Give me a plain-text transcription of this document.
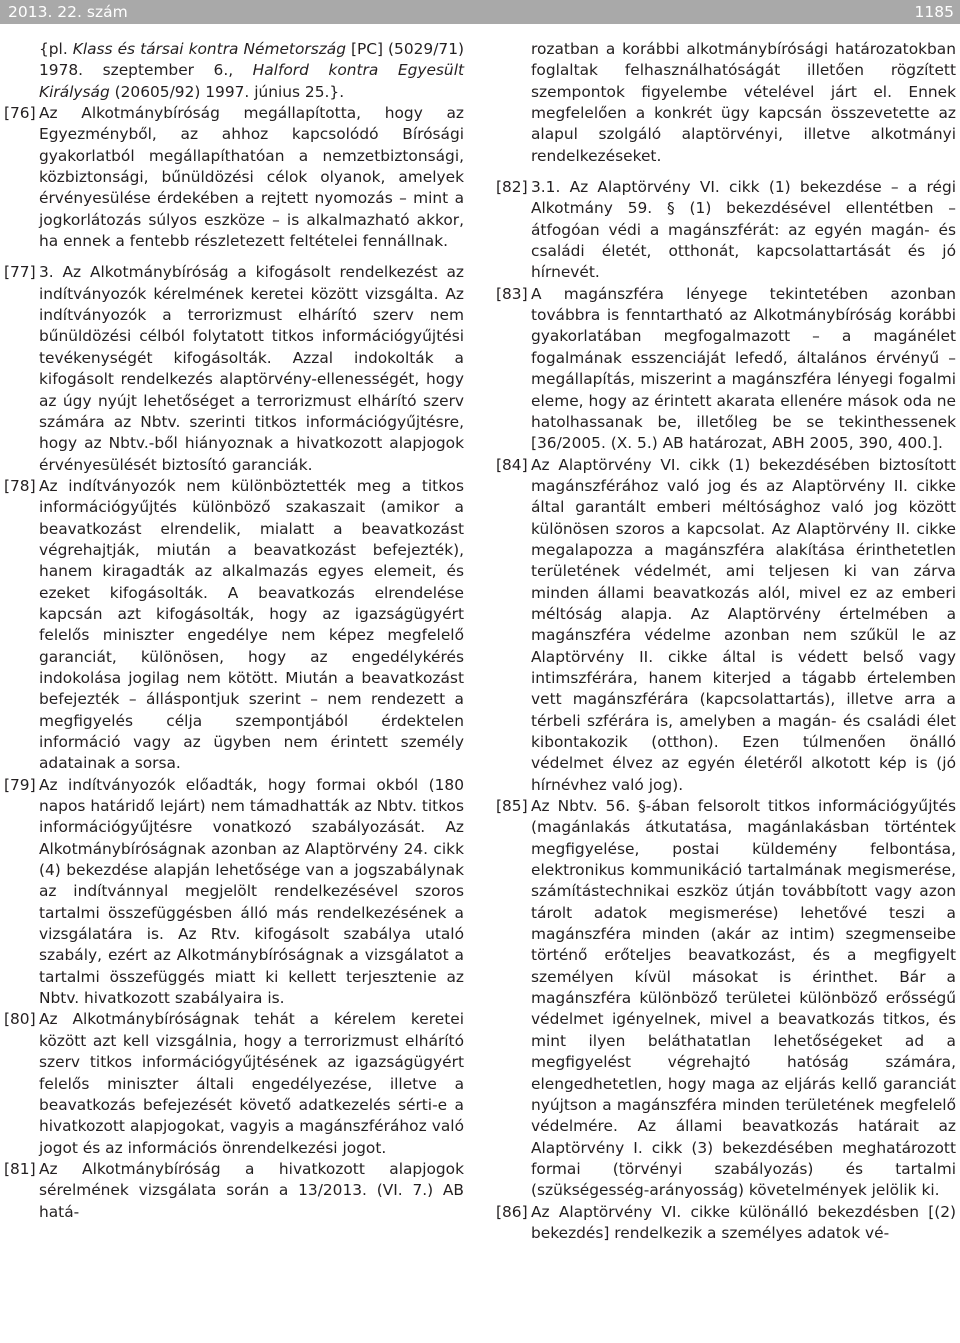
2013. 22. szám	1185

{pl. Klass és társai kontra Németország [PC] (5029/71) 1978. szeptember 6., Halford kontra Egyesült Királyság (20605/92) 1997. június 25.}.

[76] Az Alkotmánybíróság megállapította, hogy az Egyezményből, az ahhoz kapcsolódó Bírósági gyakorlatból megállapíthatóan a nemzetbiztonsági, közbiztonsági, bűnüldözési célok olyanok, amelyek érvényesülése érdekében a rejtett nyomozás – mint a jogkorlátozás súlyos eszköze – is alkalmazható akkor, ha ennek a fentebb részletezett feltételei fennállnak.

[77] 3. Az Alkotmánybíróság a kifogásolt rendelkezést az indítványozók kérelmének keretei között vizsgálta. Az indítványozók a terrorizmust elhárító szerv nem bűnüldözési célból folytatott titkos információgyűjtési tevékenységét kifogásolták. Azzal indokolták a kifogásolt rendelkezés alaptörvény-ellenességét, hogy az úgy nyújt lehetőséget a terrorizmust elhárító szerv számára az Nbtv. szerinti titkos információgyűjtésre, hogy az Nbtv.-ből hiányoznak a hivatkozott alapjogok érvényesülését biztosító garanciák.

[78] Az indítványozók nem különböztették meg a titkos információgyűjtés különböző szakaszait (amikor a beavatkozást elrendelik, mialatt a beavatkozást végrehajtják, miután a beavatkozást befejezték), hanem kiragadták az alkalmazás egyes elemeit, és ezeket kifogásolták. A beavatkozás elrendelése kapcsán azt kifogásolták, hogy az igazságügyért felelős miniszter engedélye nem képez megfelelő garanciát, különösen, hogy az engedélykérés indokolása jogilag nem kötött. Miután a beavatkozást befejezték – álláspontjuk szerint – nem rendezett a megfigyelés célja szempontjából érdektelen információ vagy az ügyben nem érintett személy adatainak a sorsa.

[79] Az indítványozók előadták, hogy formai okból (180 napos határidő lejárt) nem támadhatták az Nbtv. titkos információgyűjtésre vonatkozó szabályozását. Az Alkotmánybíróságnak azonban az Alaptörvény 24. cikk (4) bekezdése alapján lehetősége van a jogszabálynak az indítvánnyal megjelölt rendelkezésével szoros tartalmi összefüggésben álló más rendelkezésének a vizsgálatára is. Az Rtv. kifogásolt szabálya utaló szabály, ezért az Alkotmánybíróságnak a vizsgálatot a tartalmi összefüggés miatt ki kellett terjesztenie az Nbtv. hivatkozott szabályaira is.

[80] Az Alkotmánybíróságnak tehát a kérelem keretei között azt kell vizsgálnia, hogy a terrorizmust elhárító szerv titkos információgyűjtésének az igazságügyért felelős miniszter általi engedélyezése, illetve a beavatkozás befejezését követő adatkezelés sérti-e a hivatkozott alapjogokat, vagyis a magánszférához való jogot és az információs önrendelkezési jogot.

[81] Az Alkotmánybíróság a hivatkozott alapjogok sérelmének vizsgálata során a 13/2013. (VI. 7.) AB hatá-

rozatban a korábbi alkotmánybírósági határozatokban foglaltak felhasználhatóságát illetően rögzített szempontok figyelembe vételével járt el. Ennek megfelelően a konkrét ügy kapcsán összevetette az alapul szolgáló alaptörvényi, illetve alkotmányi rendelkezéseket.

[82] 3.1. Az Alaptörvény VI. cikk (1) bekezdése – a régi Alkotmány 59. § (1) bekezdésével ellentétben – átfogóan védi a magánszférát: az egyén magán- és családi életét, otthonát, kapcsolattartását és jó hírnevét.

[83] A magánszféra lényege tekintetében azonban továbbra is fenntartható az Alkotmánybíróság korábbi gyakorlatában megfogalmazott – a magánélet fogalmának esszenciáját lefedő, általános érvényű – megállapítás, miszerint a magánszféra lényegi fogalmi eleme, hogy az érintett akarata ellenére mások oda ne hatolhassanak be, illetőleg be se tekinthessenek [36/2005. (X. 5.) AB határozat, ABH 2005, 390, 400.].

[84] Az Alaptörvény VI. cikk (1) bekezdésében biztosított magánszférához való jog és az Alaptörvény II. cikke által garantált emberi méltósághoz való jog között különösen szoros a kapcsolat. Az Alaptörvény II. cikke megalapozza a magánszféra alakítása érinthetetlen területének védelmét, ami teljesen ki van zárva minden állami beavatkozás alól, mivel ez az emberi méltóság alapja. Az Alaptörvény értelmében a magánszféra védelme azonban nem szűkül le az Alaptörvény II. cikke által is védett belső vagy intimszférára, hanem kiterjed a tágabb értelemben vett magánszférára (kapcsolattartás), illetve arra a térbeli szférára is, amelyben a magán- és családi élet kibontakozik (otthon). Ezen túlmenően önálló védelmet élvez az egyén életéről alkotott kép is (jó hírnévhez való jog).

[85] Az Nbtv. 56. §-ában felsorolt titkos információgyűjtés (magánlakás átkutatása, magánlakásban történtek megfigyelése, postai küldemény felbontása, elektronikus kommunikáció tartalmának megismerése, számítástechnikai eszköz útján továbbított vagy azon tárolt adatok megismerése) lehetővé teszi a magánszféra minden (akár az intim) szegmenseibe történő erőteljes beavatkozást, és a megfigyelt személyen kívül másokat is érinthet. Bár a magánszféra különböző területei különböző erősségű védelmet igényelnek, mivel a beavatkozás titkos, és mint ilyen beláthatatlan lehetőségeket ad a megfigyelést végrehajtó hatóság számára, elengedhetetlen, hogy maga az eljárás kellő garanciát nyújtson a magánszféra minden területének megfelelő védelmére. Az állami beavatkozás határait az Alaptörvény I. cikk (3) bekezdésében meghatározott formai (törvényi szabályozás) és tartalmi (szükségesség-arányosság) követelmények jelölik ki.

[86] Az Alaptörvény VI. cikke különálló bekezdésben [(2) bekezdés] rendelkezik a személyes adatok vé-
